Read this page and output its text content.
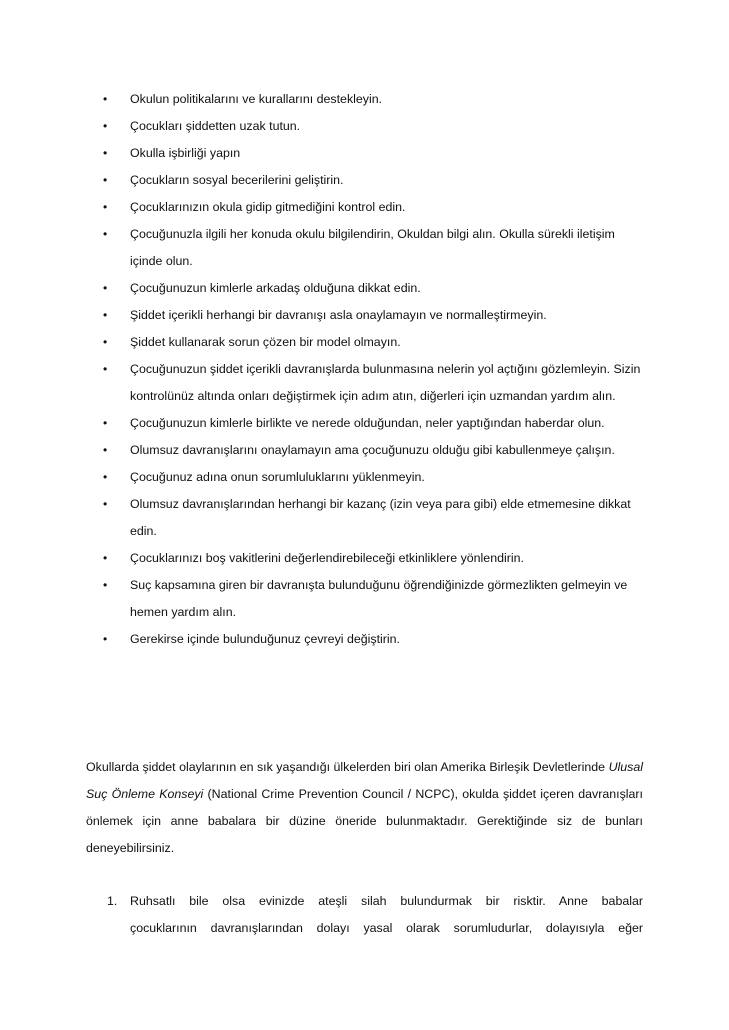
• Okulun politikalarını ve kurallarını destekleyin.
• Çocukları şiddetten uzak tutun.
• Okulla işbirliği yapın
• Çocukların sosyal becerilerini geliştirin.
• Çocuklarınızın okula gidip gitmediğini kontrol edin.
• Çocuğunuzla ilgili her konuda okulu bilgilendirin, Okuldan bilgi alın. Okulla sürekli iletişim içinde olun.
• Çocuğunuzun kimlerle arkadaş olduğuna dikkat edin.
• Şiddet içerikli herhangi bir davranışı asla onaylamayın ve normalleştirmeyin.
• Şiddet kullanarak sorun çözen bir model olmayın.
• Çocuğunuzun şiddet içerikli davranışlarda bulunmasına nelerin yol açtığını gözlemleyin. Sizin kontrolünüz altında onları değiştirmek için adım atın, diğerleri için uzmandan yardım alın.
• Çocuğunuzun kimlerle birlikte ve nerede olduğundan, neler yaptığından haberdar olun.
• Olumsuz davranışlarını onaylamayın ama çocuğunuzu olduğu gibi kabullenmeye çalışın.
• Çocuğunuz adına onun sorumluluklarını yüklenmeyin.
• Olumsuz davranışlarından herhangi bir kazanç (izin veya para gibi) elde etmemesine dikkat edin.
• Çocuklarınızı boş vakitlerini değerlendirebileceği etkinliklere yönlendirin.
• Suç kapsamına giren bir davranışta bulunduğunu öğrendiğinizde görmezlikten gelmeyin ve hemen yardım alın.
• Gerekirse içinde bulunduğunuz çevreyi değiştirin.

Okullarda şiddet olaylarının en sık yaşandığı ülkelerden biri olan Amerika Birleşik Devletlerinde Ulusal Suç Önleme Konseyi (National Crime Prevention Council / NCPC), okulda şiddet içeren davranışları önlemek için anne babalara bir düzine öneride bulunmaktadır. Gerektiğinde siz de bunları deneyebilirsiniz.

1. Ruhsatlı bile olsa evinizde ateşli silah bulundurmak bir risktir. Anne babalar
çocuklarının davranışlarından dolayı yasal olarak sorumludurlar, dolayısıyla eğer
